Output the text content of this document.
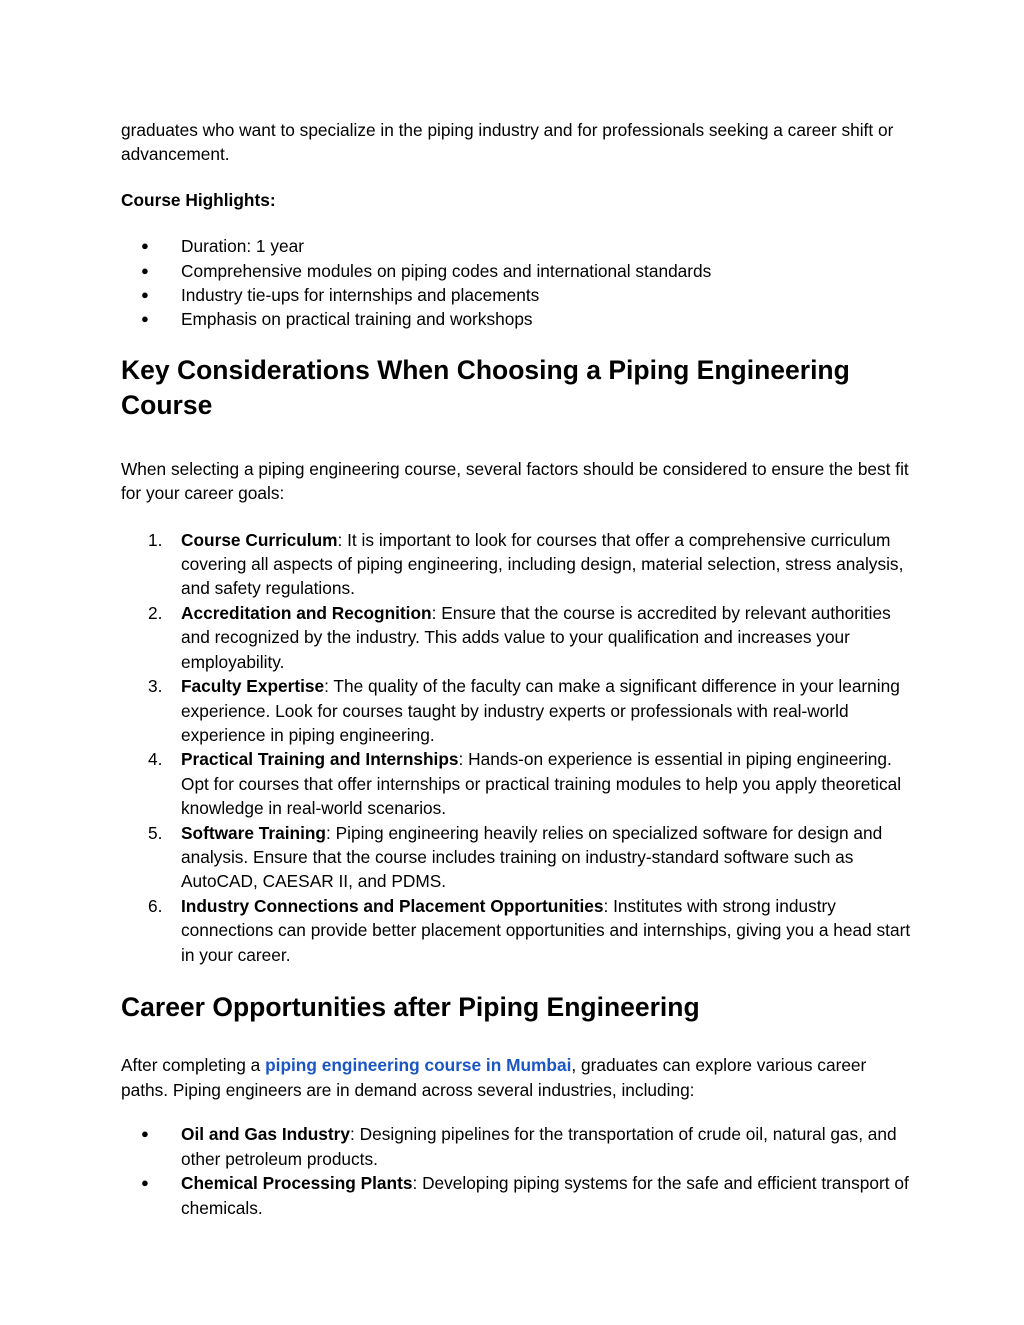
graduates who want to specialize in the piping industry and for professionals seeking a career shift or advancement.

Course Highlights:

● Duration: 1 year
● Comprehensive modules on piping codes and international standards
● Industry tie-ups for internships and placements
● Emphasis on practical training and workshops
Key Considerations When Choosing a Piping Engineering Course

When selecting a piping engineering course, several factors should be considered to ensure the best fit for your career goals:

1. Course Curriculum: It is important to look for courses that offer a comprehensive curriculum covering all aspects of piping engineering, including design, material selection, stress analysis, and safety regulations.
2. Accreditation and Recognition: Ensure that the course is accredited by relevant authorities and recognized by the industry. This adds value to your qualification and increases your employability.
3. Faculty Expertise: The quality of the faculty can make a significant difference in your learning experience. Look for courses taught by industry experts or professionals with real-world experience in piping engineering.
4. Practical Training and Internships: Hands-on experience is essential in piping engineering. Opt for courses that offer internships or practical training modules to help you apply theoretical knowledge in real-world scenarios.
5. Software Training: Piping engineering heavily relies on specialized software for design and analysis. Ensure that the course includes training on industry-standard software such as AutoCAD, CAESAR II, and PDMS.
6. Industry Connections and Placement Opportunities: Institutes with strong industry connections can provide better placement opportunities and internships, giving you a head start in your career.
Career Opportunities after Piping Engineering

After completing a piping engineering course in Mumbai, graduates can explore various career paths. Piping engineers are in demand across several industries, including:

● Oil and Gas Industry: Designing pipelines for the transportation of crude oil, natural gas, and other petroleum products.
● Chemical Processing Plants: Developing piping systems for the safe and efficient transport of chemicals.
